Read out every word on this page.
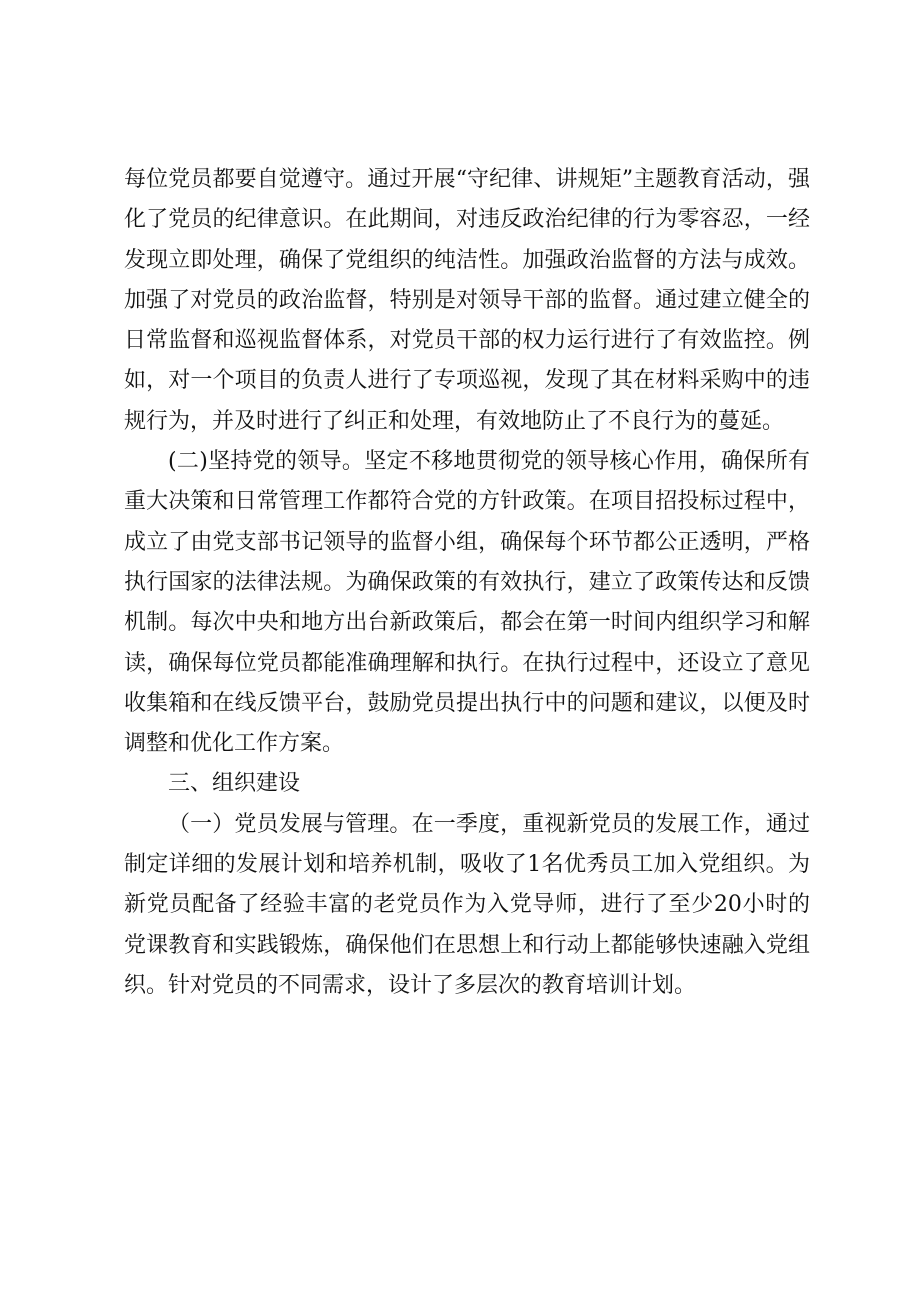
每位党员都要自觉遵守。通过开展“守纪律、讲规矩”主题教育活动，强化了党员的纪律意识。在此期间，对违反政治纪律的行为零容忍，一经发现立即处理，确保了党组织的纯洁性。加强政治监督的方法与成效。加强了对党员的政治监督，特别是对领导干部的监督。通过建立健全的日常监督和巡视监督体系，对党员干部的权力运行进行了有效监控。例如，对一个项目的负责人进行了专项巡视，发现了其在材料采购中的违规行为，并及时进行了纠正和处理，有效地防止了不良行为的蔓延。

(二)坚持党的领导。坚定不移地贯彻党的领导核心作用，确保所有重大决策和日常管理工作都符合党的方针政策。在项目招投标过程中，成立了由党支部书记领导的监督小组，确保每个环节都公正透明，严格执行国家的法律法规。为确保政策的有效执行，建立了政策传达和反馈机制。每次中央和地方出台新政策后，都会在第一时间内组织学习和解读，确保每位党员都能准确理解和执行。在执行过程中，还设立了意见收集箱和在线反馈平台，鼓励党员提出执行中的问题和建议，以便及时调整和优化工作方案。

三、组织建设

（一）党员发展与管理。在一季度，重视新党员的发展工作，通过制定详细的发展计划和培养机制，吸收了1名优秀员工加入党组织。为新党员配备了经验丰富的老党员作为入党导师，进行了至少20小时的党课教育和实践锻炼，确保他们在思想上和行动上都能够快速融入党组织。针对党员的不同需求，设计了多层次的教育培训计划。
